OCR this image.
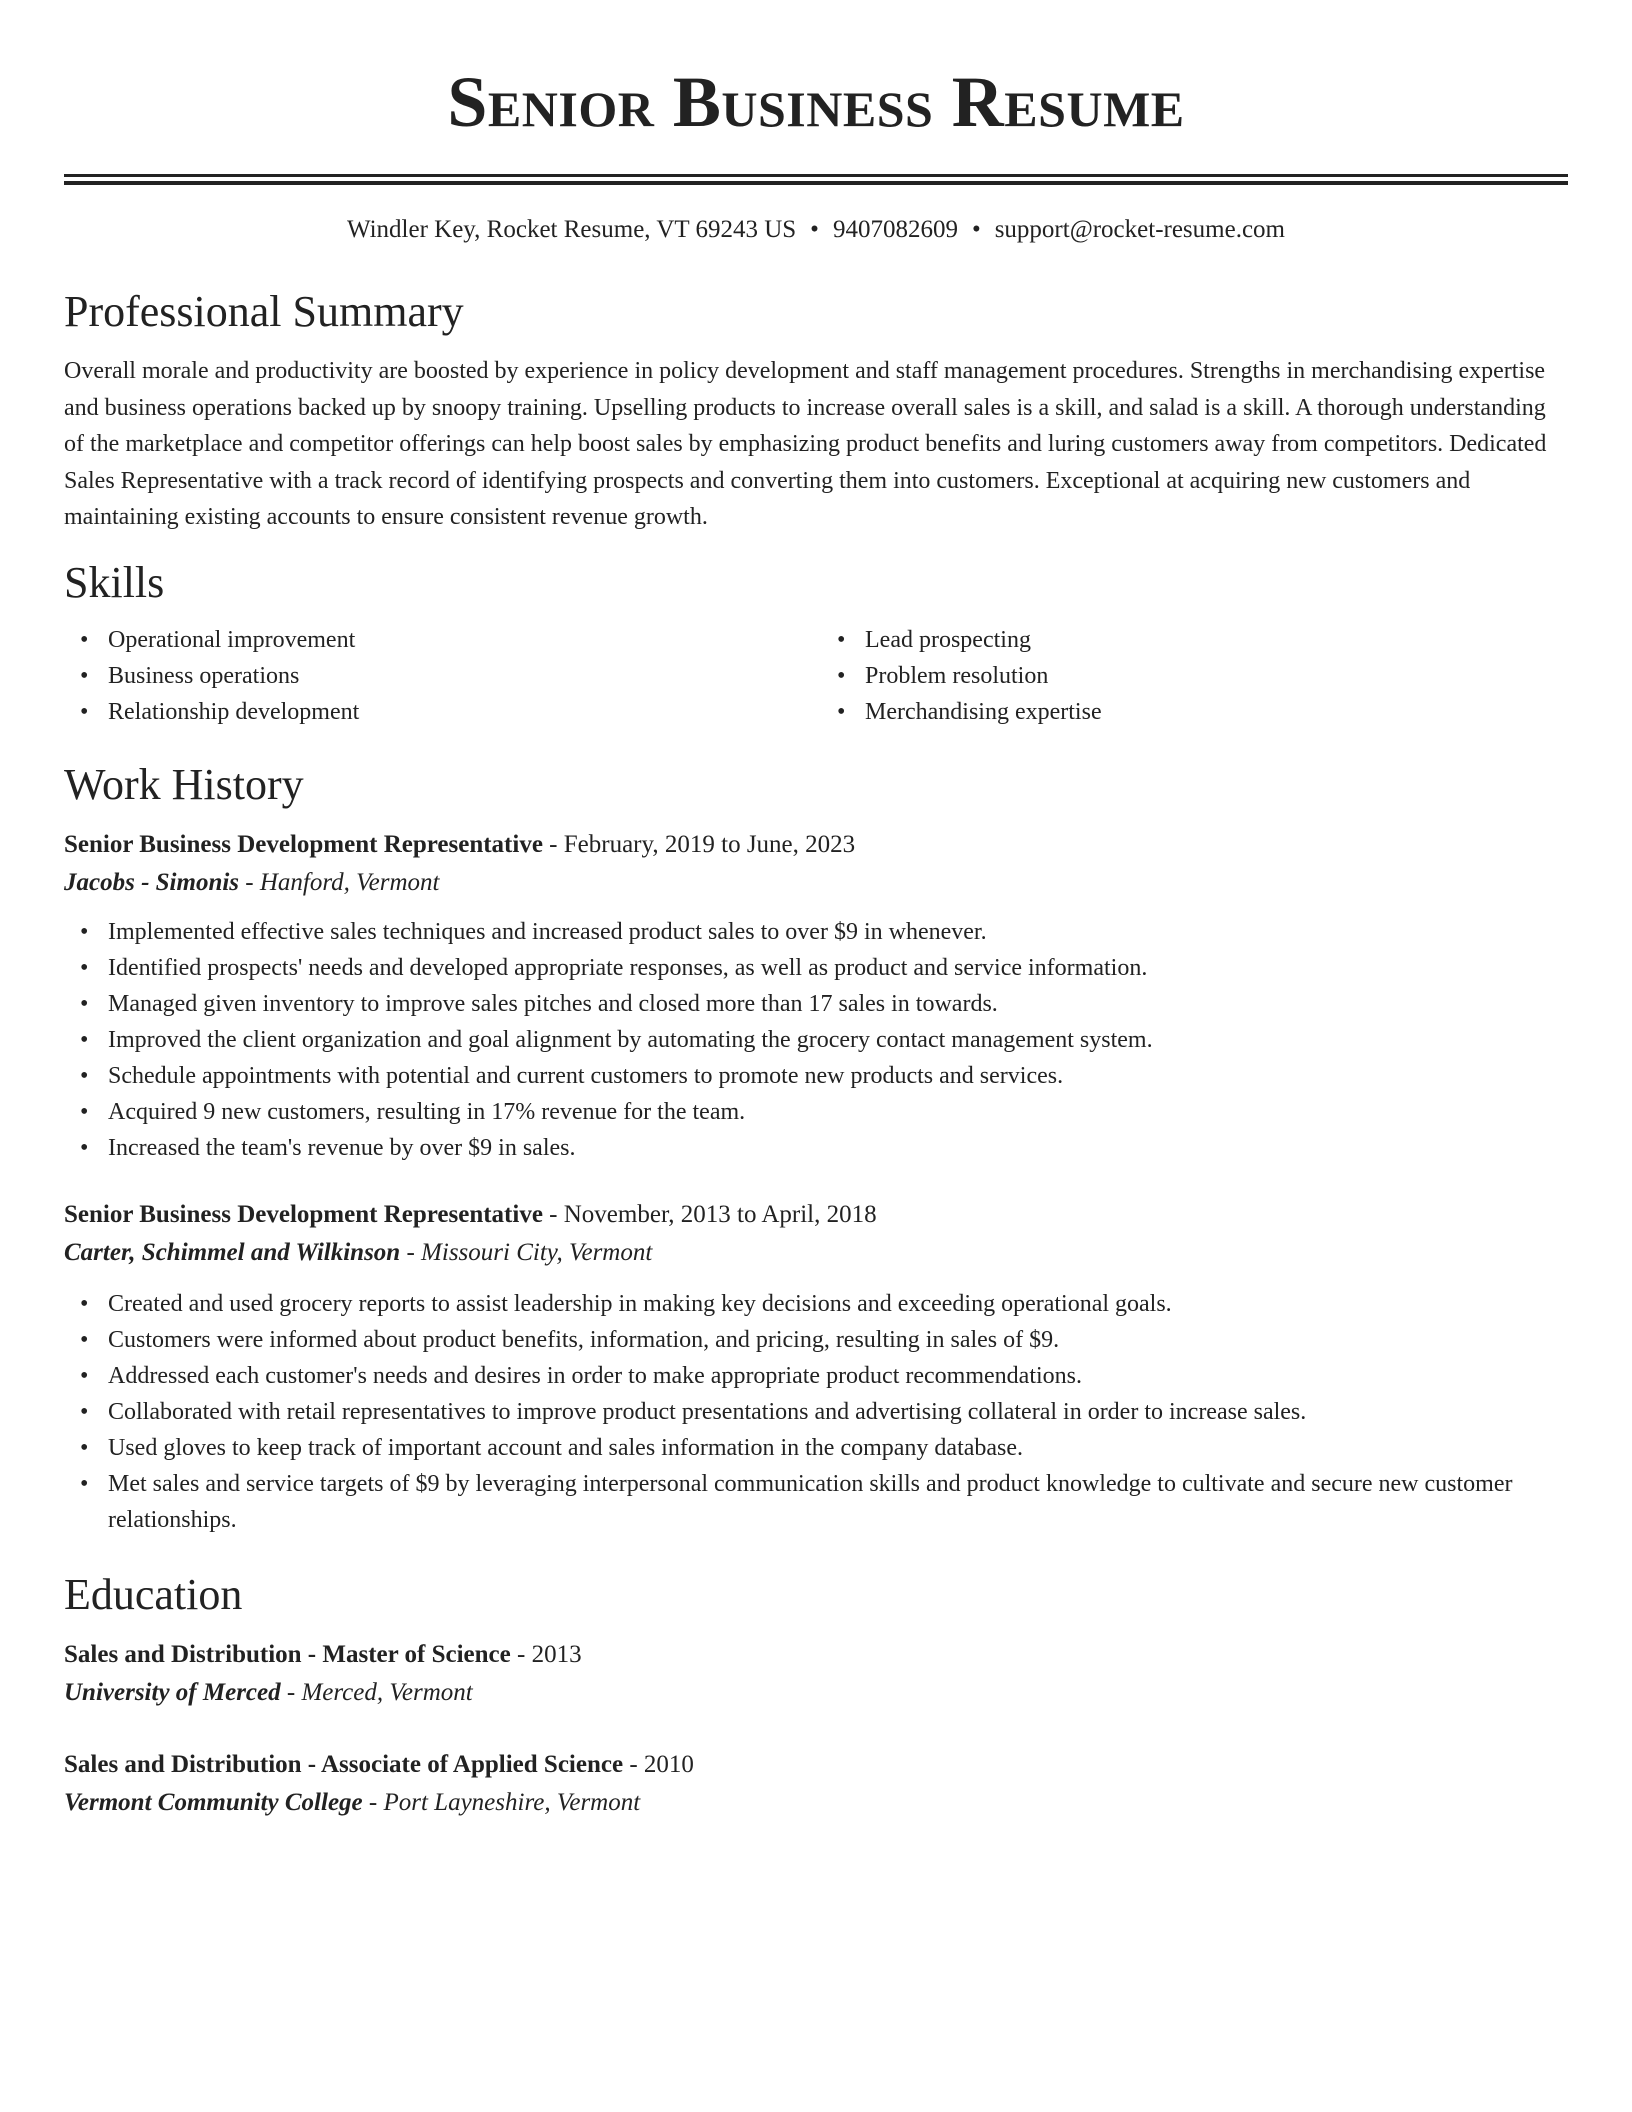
Senior Business Resume
Windler Key, Rocket Resume, VT 69243 US • 9407082609 • support@rocket-resume.com
Professional Summary

Overall morale and productivity are boosted by experience in policy development and staff management procedures. Strengths in merchandising expertise and business operations backed up by snoopy training. Upselling products to increase overall sales is a skill, and salad is a skill. A thorough understanding of the marketplace and competitor offerings can help boost sales by emphasizing product benefits and luring customers away from competitors. Dedicated Sales Representative with a track record of identifying prospects and converting them into customers. Exceptional at acquiring new customers and maintaining existing accounts to ensure consistent revenue growth.

Skills
• Operational improvement
• Business operations
• Relationship development
• Lead prospecting
• Problem resolution
• Merchandising expertise
Work History
Senior Business Development Representative - February, 2019 to June, 2023
Jacobs - Simonis - Hanford, Vermont
• Implemented effective sales techniques and increased product sales to over $9 in whenever.
• Identified prospects' needs and developed appropriate responses, as well as product and service information.
• Managed given inventory to improve sales pitches and closed more than 17 sales in towards.
• Improved the client organization and goal alignment by automating the grocery contact management system.
• Schedule appointments with potential and current customers to promote new products and services.
• Acquired 9 new customers, resulting in 17% revenue for the team.
• Increased the team's revenue by over $9 in sales.
Senior Business Development Representative - November, 2013 to April, 2018
Carter, Schimmel and Wilkinson - Missouri City, Vermont
• Created and used grocery reports to assist leadership in making key decisions and exceeding operational goals.
• Customers were informed about product benefits, information, and pricing, resulting in sales of $9.
• Addressed each customer's needs and desires in order to make appropriate product recommendations.
• Collaborated with retail representatives to improve product presentations and advertising collateral in order to increase sales.
• Used gloves to keep track of important account and sales information in the company database.
• Met sales and service targets of $9 by leveraging interpersonal communication skills and product knowledge to cultivate and secure new customer relationships.
Education
Sales and Distribution - Master of Science - 2013
University of Merced - Merced, Vermont
Sales and Distribution - Associate of Applied Science - 2010
Vermont Community College - Port Layneshire, Vermont
